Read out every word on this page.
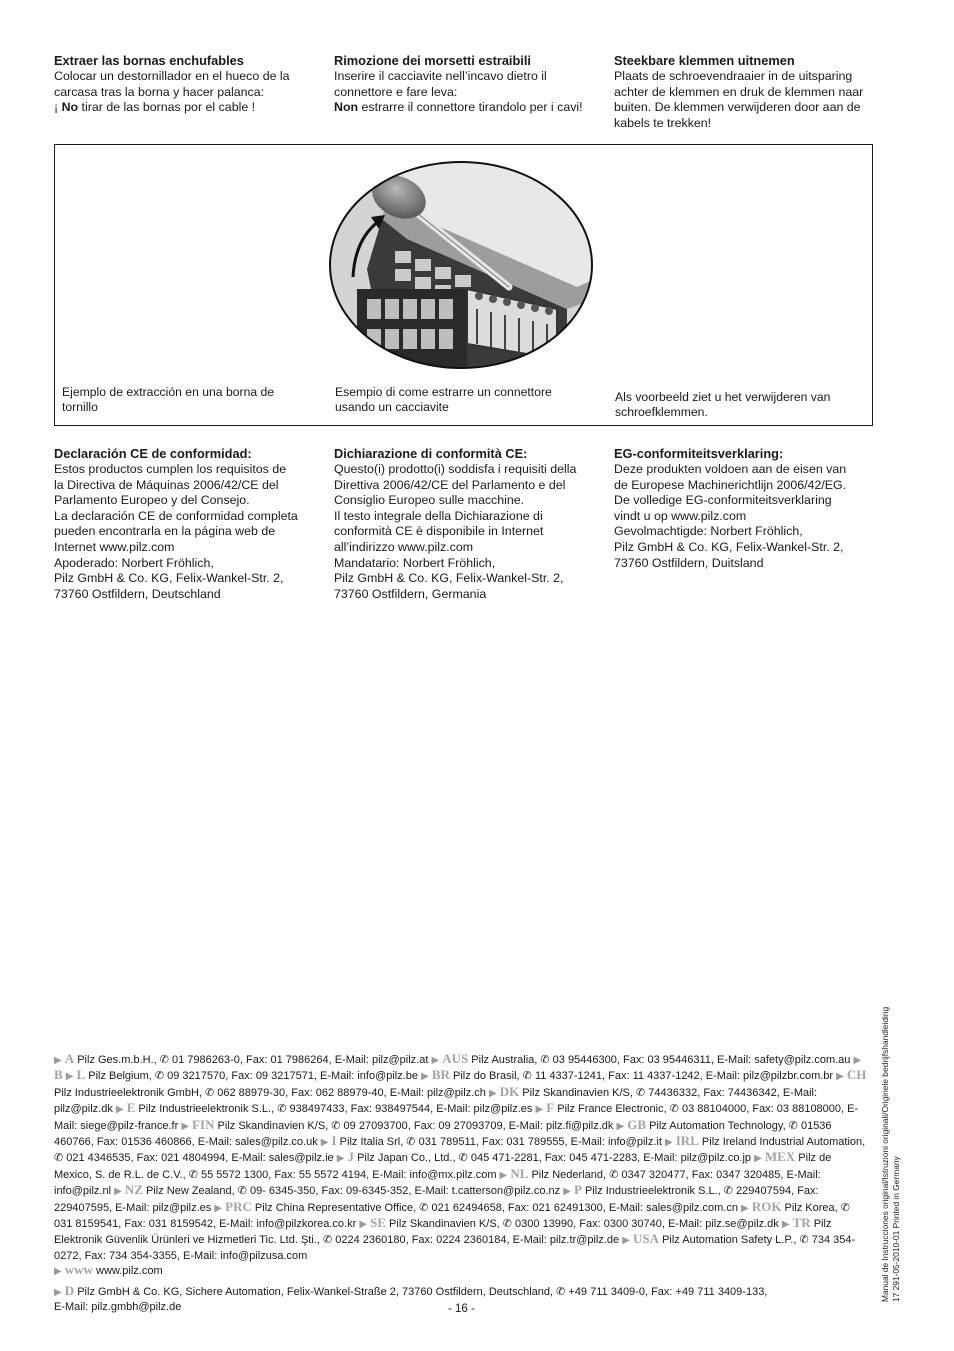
Extraer las bornas enchufables

Colocar un destornillador en el hueco de la

carcasa tras la borna y hacer palanca:

¡ No tirar de las bornas por el cable !

Rimozione dei morsetti estraibili

Inserire il cacciavite nell’incavo dietro il

connettore e fare leva:

Non estrarre il connettore tirandolo per i cavi!

Steekbare klemmen uitnemen

Plaats de schroevendraaier in de uitsparing

achter de klemmen en druk de klemmen naar

buiten. De klemmen verwijderen door aan de

kabels te trekken!

Ejemplo de extracción en una borna de
tornillo
Esempio di come estrarre un connettore
usando un cacciavite
Als voorbeeld ziet u het verwijderen van
schroefklemmen.
Declaración CE de conformidad:

Estos productos cumplen los requisitos de

la Directiva de Máquinas 2006/42/CE del

Parlamento Europeo y del Consejo.

La declaración CE de conformidad completa

pueden encontrarla en la página web de

Internet www.pilz.com

Apoderado: Norbert Fröhlich,

Pilz GmbH & Co. KG, Felix-Wankel-Str. 2,

73760 Ostfildern, Deutschland

Dichiarazione di conformità CE:

Questo(i) prodotto(i) soddisfa i requisiti della

Direttiva 2006/42/CE del Parlamento e del

Consiglio Europeo sulle macchine.

Il testo integrale della Dichiarazione di

conformità CE è disponibile in Internet

all’indirizzo www.pilz.com

Mandatario: Norbert Fröhlich,

Pilz GmbH & Co. KG, Felix-Wankel-Str. 2,

73760 Ostfildern, Germania

EG-conformiteitsverklaring:

Deze produkten voldoen aan de eisen van

de Europese Machinerichtlijn 2006/42/EG.

De volledige EG-conformiteitsverklaring

vindt u op www.pilz.com

Gevolmachtigde: Norbert Fröhlich,

Pilz GmbH & Co. KG, Felix-Wankel-Str. 2,

73760 Ostfildern, Duitsland

▶ A Pilz Ges.m.b.H., ✆ 01 7986263-0, Fax: 01 7986264, E-Mail: pilz@pilz.at ▶ AUS Pilz Australia, ✆ 03 95446300, Fax: 03 95446311, E-Mail: safety@pilz.com.au ▶ B ▶ L Pilz Belgium, ✆ 09 3217570, Fax: 09 3217571, E-Mail: info@pilz.be ▶ BR Pilz do Brasil, ✆ 11 4337-1241, Fax: 11 4337-1242, E-Mail: pilz@pilzbr.com.br ▶ CH Pilz Industrieelektronik GmbH, ✆ 062 88979-30, Fax: 062 88979-40, E-Mail: pilz@pilz.ch ▶ DK Pilz Skandinavien K/S, ✆ 74436332, Fax: 74436342, E-Mail: pilz@pilz.dk ▶ E Pilz Industrieelektronik S.L., ✆ 938497433, Fax: 938497544, E-Mail: pilz@pilz.es ▶ F Pilz France Electronic, ✆ 03 88104000, Fax: 03 88108000, E-Mail: siege@pilz-france.fr ▶ FIN Pilz Skandinavien K/S, ✆ 09 27093700, Fax: 09 27093709, E-Mail: pilz.fi@pilz.dk ▶ GB Pilz Automation Technology, ✆ 01536 460766, Fax: 01536 460866, E-Mail: sales@pilz.co.uk ▶ I Pilz Italia Srl, ✆ 031 789511, Fax: 031 789555, E-Mail: info@pilz.it ▶ IRL Pilz Ireland Industrial Automation, ✆ 021 4346535, Fax: 021 4804994, E-Mail: sales@pilz.ie ▶ J Pilz Japan Co., Ltd., ✆ 045 471-2281, Fax: 045 471-2283, E-Mail: pilz@pilz.co.jp ▶ MEX Pilz de Mexico, S. de R.L. de C.V., ✆ 55 5572 1300, Fax: 55 5572 4194, E-Mail: info@mx.pilz.com ▶ NL Pilz Nederland, ✆ 0347 320477, Fax: 0347 320485, E-Mail: info@pilz.nl ▶ NZ Pilz New Zealand, ✆ 09- 6345-350, Fax: 09-6345-352, E-Mail: t.catterson@pilz.co.nz ▶ P Pilz Industrieelektronik S.L., ✆ 229407594, Fax: 229407595, E-Mail: pilz@pilz.es ▶ PRC Pilz China Representative Office, ✆ 021 62494658, Fax: 021 62491300, E-Mail: sales@pilz.com.cn ▶ ROK Pilz Korea, ✆ 031 8159541, Fax: 031 8159542, E-Mail: info@pilzkorea.co.kr ▶ SE Pilz Skandinavien K/S, ✆ 0300 13990, Fax: 0300 30740, E-Mail: pilz.se@pilz.dk ▶ TR Pilz Elektronik Güvenlik Ürünleri ve Hizmetleri Tic. Ltd. Şti., ✆ 0224 2360180, Fax: 0224 2360184, E-Mail: pilz.tr@pilz.de ▶ USA Pilz Automation Safety L.P., ✆ 734 354-0272, Fax: 734 354-3355, E-Mail: info@pilzusa.com

▶ www www.pilz.com

▶ D Pilz GmbH & Co. KG, Sichere Automation, Felix-Wankel-Straße 2, 73760 Ostfildern, Deutschland, ✆ +49 711 3409-0, Fax: +49 711 3409-133,
E-Mail: pilz.gmbh@pilz.de	- 16 -

Manual de Instrucciones original/Istruzioni originali/Originele bedrijfshandleiding 17 291-05-2010-01 Printed in Germany
